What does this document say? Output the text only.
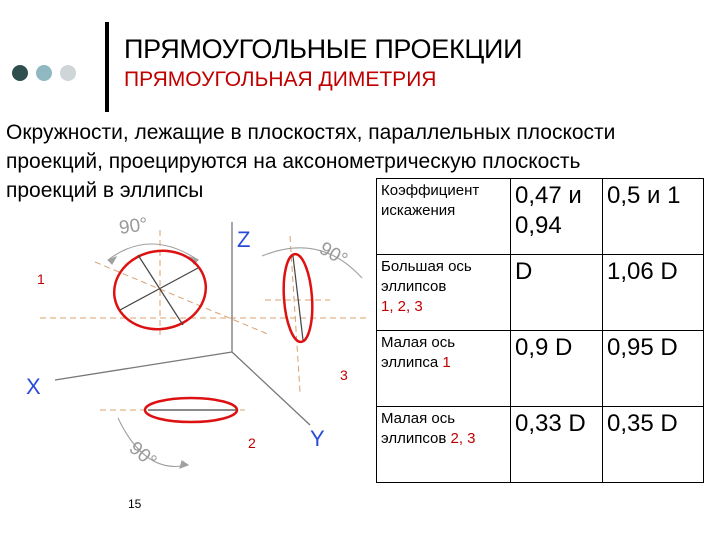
ПРЯМОУГОЛЬНЫЕ ПРОЕКЦИИ
ПРЯМОУГОЛЬНАЯ ДИМЕТРИЯ
Окружности, лежащие в плоскостях, параллельных плоскости
проекций, проецируются на аксонометрическую плоскость
проекций в эллипсы	Коэффициент искажения	0,47 и 0,94	0,5 и 1
Большая ось эллипсов
1, 2, 3	D	1,06 D
Малая ось эллипса 1	0,9 D	0,95 D
Малая ось эллипсов 2, 3	0,33 D	0,35 D
90°
90°
90°
Z
X
Y
1
2
3
15
